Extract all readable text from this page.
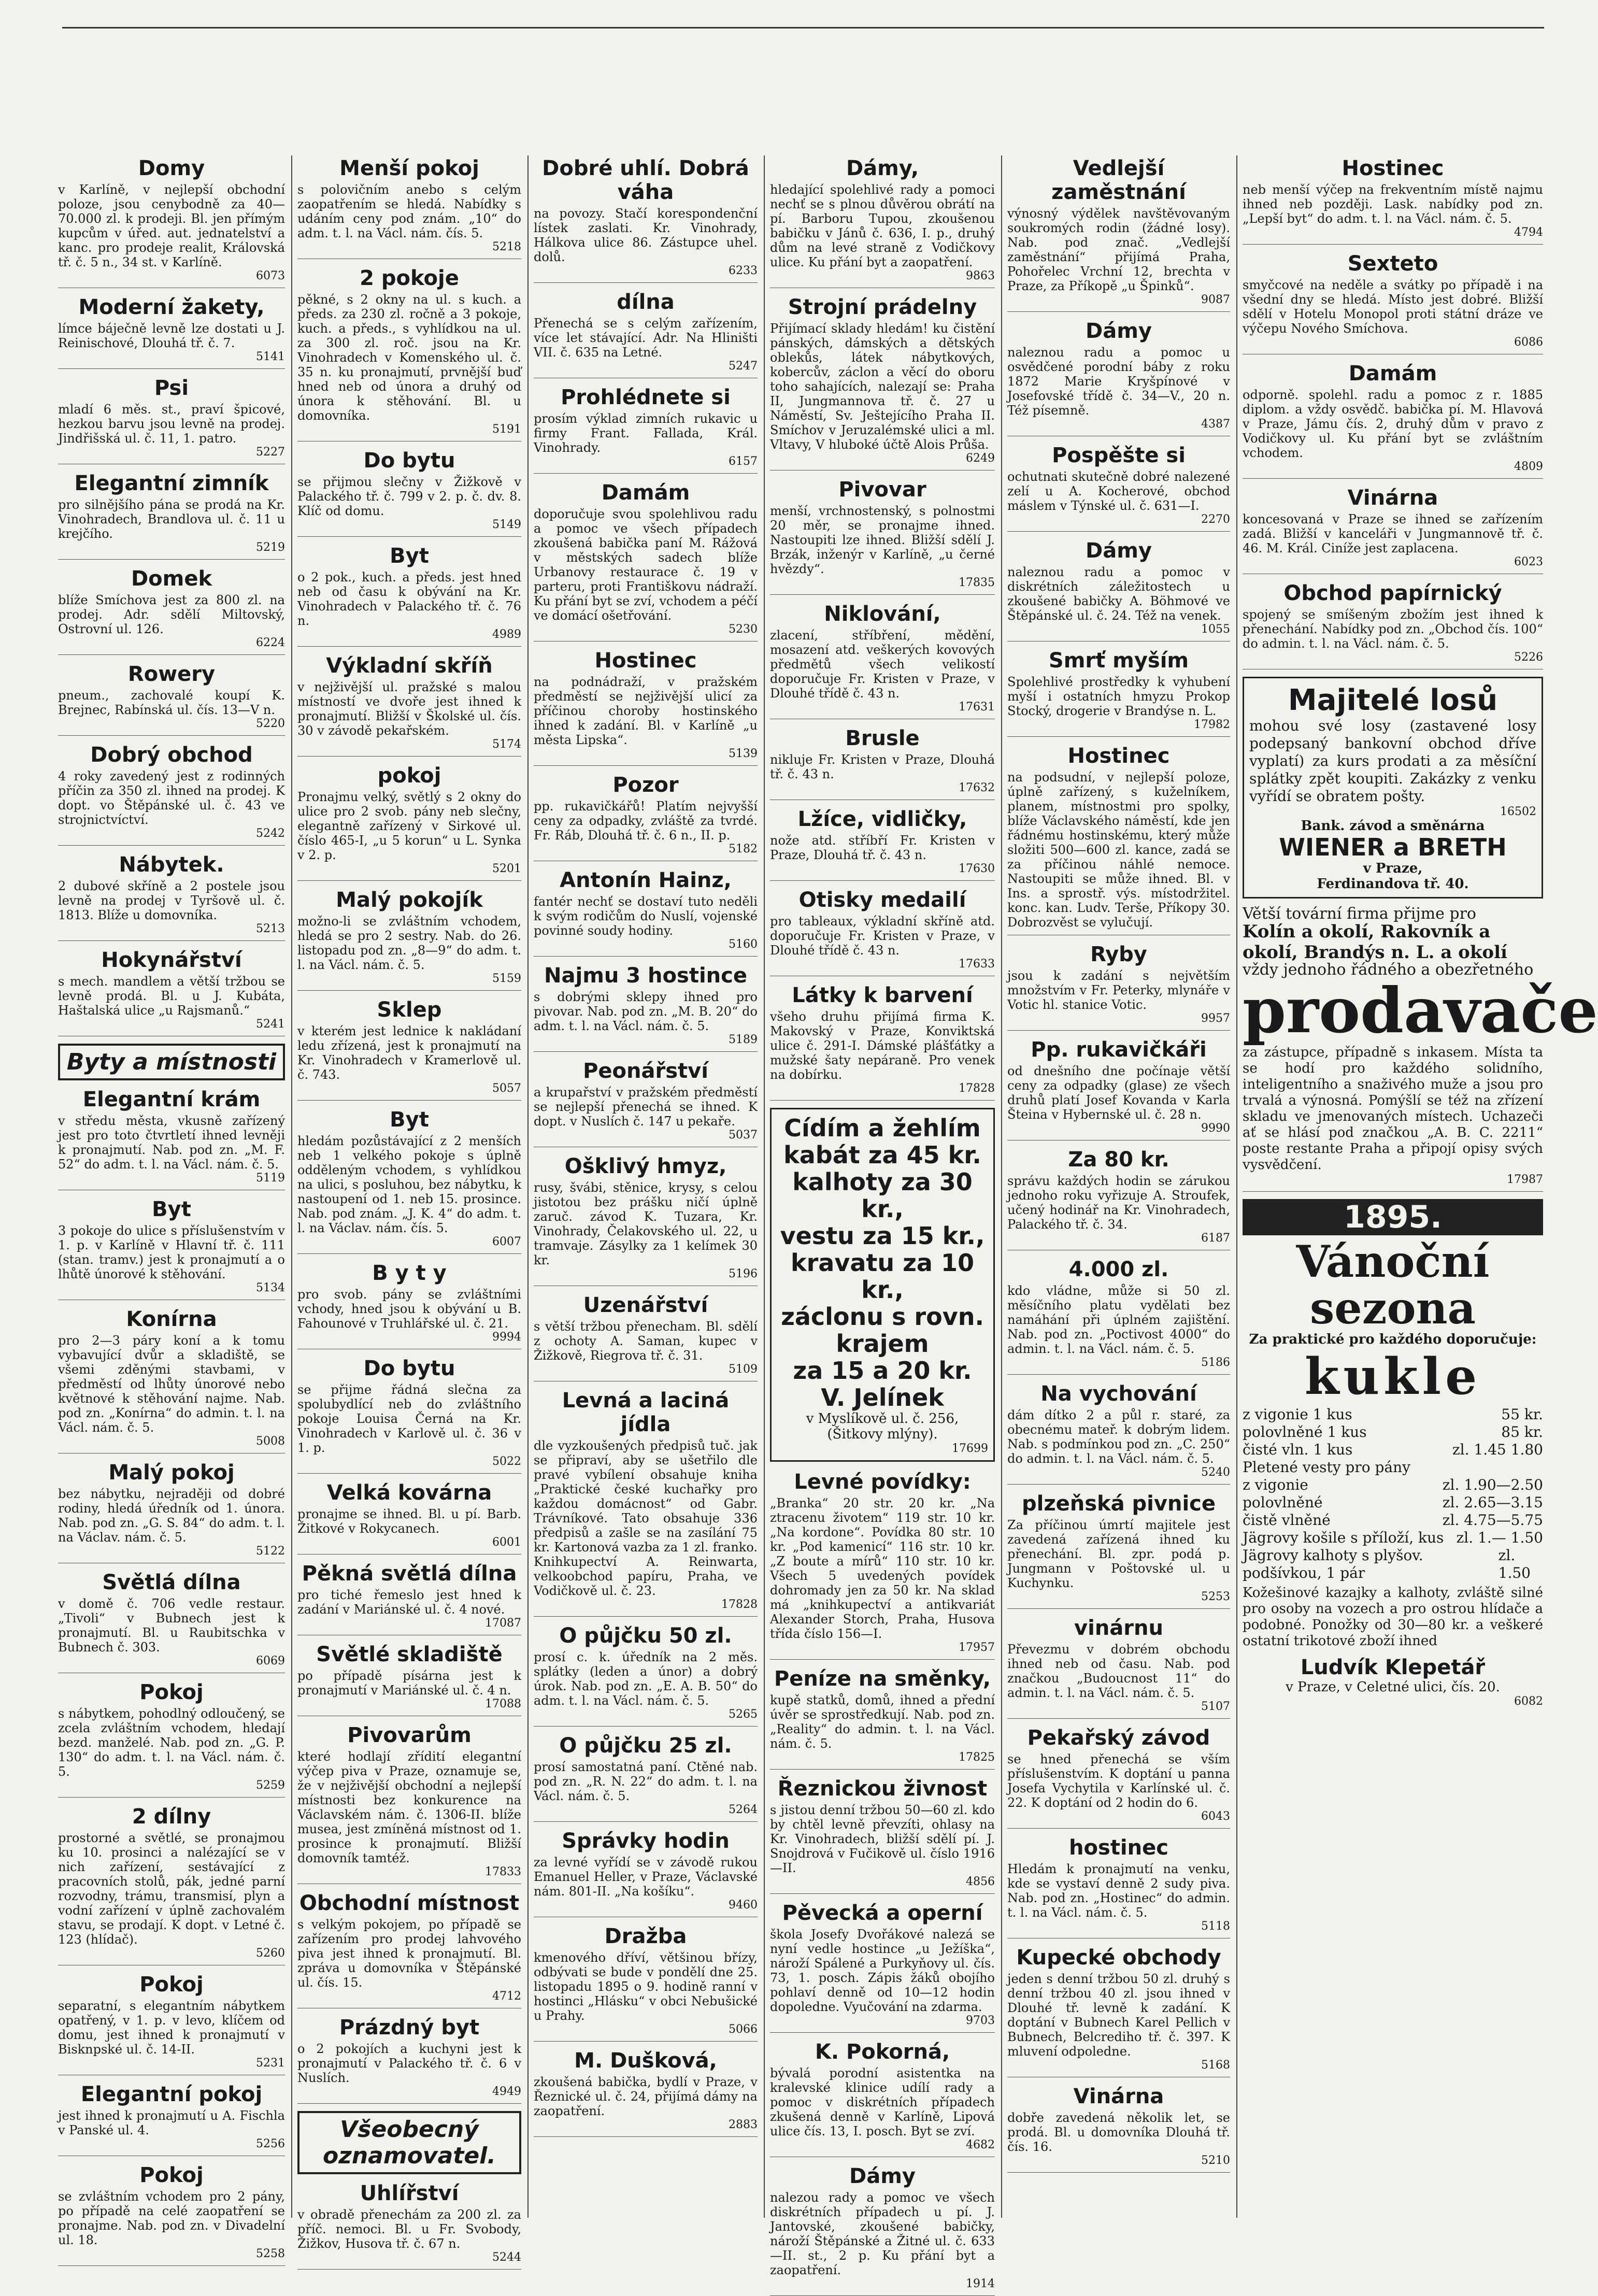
Domy
v Karlíně, v nejlepší obchodní poloze, jsou cenybodně za 40—70.000 zl. k prodeji. Bl. jen přímým kupcům v úřed. aut. jednatelství a kanc. pro prodeje realit, Královská tř. č. 5 n., 34 st. v Karlíně.
6073
Moderní žakety,
límce báječně levně lze dostati u J. Reinischové, Dlouhá tř. č. 7.
5141
Psi
mladí 6 měs. st., praví špicové, hezkou barvu jsou levně na prodej. Jindřišská ul. č. 11, 1. patro.
5227
Elegantní zimník
pro silnějšího pána se prodá na Kr. Vinohradech, Brandlova ul. č. 11 u krejčího.
5219
Domek
blíže Smíchova jest za 800 zl. na prodej. Adr. sdělí Miltovský, Ostrovní ul. 126.
6224
Rowery
pneum., zachovalé koupí K. Brejnec, Rabínská ul. čís. 13—V n.
5220
Dobrý obchod
4 roky zavedený jest z rodinných příčin za 350 zl. ihned na prodej. K dopt. vo Štěpánské ul. č. 43 ve strojnictvíctví.
5242
Nábytek.
2 dubové skříně a 2 postele jsou levně na prodej v Tyršově ul. č. 1813. Blíže u domovníka.
5213
Hokynářství
s mech. mandlem a větší tržbou se levně prodá. Bl. u J. Kubáta, Haštalská ulice „u Rajsmanů.“
5241
Byty a místnosti
Elegantní krám
v středu města, vkusně zařízený jest pro toto čtvrtletí ihned levněji k pronajmutí. Nab. pod zn. „M. F. 52“ do adm. t. l. na Václ. nám. č. 5.
5119
Byt
3 pokoje do ulice s příslušenstvím v 1. p. v Karlíně v Hlavní tř. č. 111 (stan. tramv.) jest k pronajmutí a o lhůtě únorové k stěhování.
5134
Konírna
pro 2—3 páry koní a k tomu vybavující dvůr a skladiště, se všemi zděnými stavbami, v předměstí od lhůty únorové nebo květnové k stěhování najme. Nab. pod zn. „Konírna“ do admin. t. l. na Václ. nám. č. 5.
5008
Malý pokoj
bez nábytku, nejraději od dobré rodiny, hledá úředník od 1. února. Nab. pod zn. „G. S. 84“ do adm. t. l. na Václav. nám. č. 5.
5122
Světlá dílna
v domě č. 706 vedle restaur. „Tivoli“ v Bubnech jest k pronajmutí. Bl. u Raubitschka v Bubnech č. 303.
6069
Pokoj
s nábytkem, pohodlný odloučený, se zcela zvláštním vchodem, hledají bezd. manželé. Nab. pod zn. „G. P. 130“ do adm. t. l. na Václ. nám. č. 5.
5259
2 dílny
prostorné a světlé, se pronajmou ku 10. prosinci a nalézající se v nich zařízení, sestávající z pracovních stolů, pák, jedné parní rozvodny, trámu, transmisí, plyn a vodní zařízení v úplně zachovalém stavu, se prodají. K dopt. v Letné č. 123 (hlídač).
5260
Pokoj
separatní, s elegantním nábytkem opatřený, v 1. p. v levo, klíčem od domu, jest ihned k pronajmutí v Bisknpské ul. č. 14-II.
5231
Elegantní pokoj
jest ihned k pronajmutí u A. Fischla v Panské ul. 4.
5256
Pokoj
se zvláštním vchodem pro 2 pány, po případě na celé zaopatření se pronajme. Nab. pod zn. v Divadelní ul. 18.
5258
Menší pokoj
s polovičním anebo s celým zaopatřením se hledá. Nabídky s udáním ceny pod znám. „10“ do adm. t. l. na Václ. nám. čís. 5.
5218
2 pokoje
pěkné, s 2 okny na ul. s kuch. a předs. za 230 zl. ročně a 3 pokoje, kuch. a předs., s vyhlídkou na ul. za 300 zl. roč. jsou na Kr. Vinohradech v Komenského ul. č. 35 n. ku pronajmutí, prvnější buď hned neb od února a druhý od února k stěhování. Bl. u domovníka.
5191
Do bytu
se přijmou slečny v Žižkově v Palackého tř. č. 799 v 2. p. č. dv. 8. Klíč od domu.
5149
Byt
o 2 pok., kuch. a předs. jest hned neb od času k obývání na Kr. Vinohradech v Palackého tř. č. 76 n.
4989
Výkladní skříň
v nejživější ul. pražské s malou místností ve dvoře jest ihned k pronajmutí. Bližší v Školské ul. čís. 30 v závodě pekařském.
5174
pokoj
Pronajmu velký, světlý s 2 okny do ulice pro 2 svob. pány neb slečny, elegantně zařízený v Sirkové ul. číslo 465-I, „u 5 korun“ u L. Synka v 2. p.
5201
Malý pokojík
možno-li se zvláštním vchodem, hledá se pro 2 sestry. Nab. do 26. listopadu pod zn. „8—9“ do adm. t. l. na Václ. nám. č. 5.
5159
Sklep
v kterém jest lednice k nakládaní ledu zřízená, jest k pronajmutí na Kr. Vinohradech v Kramerlově ul. č. 743.
5057
Byt
hledám pozůstávající z 2 menších neb 1 velkého pokoje s úplně odděleným vchodem, s vyhlídkou na ulici, s posluhou, bez nábytku, k nastoupení od 1. neb 15. prosince. Nab. pod znám. „J. K. 4“ do adm. t. l. na Václav. nám. čís. 5.
6007
B y t y
pro svob. pány se zvláštními vchody, hned jsou k obývání u B. Fahounové v Truhlářské ul. č. 21.
9994
Do bytu
se přijme řádná slečna za spolubydlící neb do zvláštního pokoje Louisa Černá na Kr. Vinohradech v Karlově ul. č. 36 v 1. p.
5022
Velká kovárna
pronajme se ihned. Bl. u pí. Barb. Žitkové v Rokycanech.
6001
Pěkná světlá dílna
pro tiché řemeslo jest hned k zadání v Mariánské ul. č. 4 nové.
17087
Světlé skladiště
po případě písárna jest k pronajmutí v Mariánské ul. č. 4 n.
17088
Pivovarům
které hodlají zřídití elegantní výčep piva v Praze, oznamuje se, že v nejživější obchodní a nejlepší místnosti bez konkurence na Václavském nám. č. 1306-II. blíže musea, jest zmíněná místnost od 1. prosince k pronajmutí. Bližší domovník tamtéž.
17833
Obchodní místnost
s velkým pokojem, po případě se zařízením pro prodej lahvového piva jest ihned k pronajmutí. Bl. zpráva u domovníka v Štěpánské ul. čís. 15.
4712
Prázdný byt
o 2 pokojích a kuchyni jest k pronajmutí v Palackého tř. č. 6 v Nuslích.
4949
Všeobecný oznamovatel.
Uhlířství
v obradě přenechám za 200 zl. za příč. nemoci. Bl. u Fr. Svobody, Žižkov, Husova tř. č. 67 n.
5244
Dobré uhlí. Dobrá váha
na povozy. Stačí korespondenční lístek zaslati. Kr. Vinohrady, Hálkova ulice 86. Zástupce uhel. dolů.
6233
dílna
Přenechá se s celým zařízením, více let stávající. Adr. Na Hliništi VII. č. 635 na Letné.
5247
Prohlédnete si
prosím výklad zimních rukavic u firmy Frant. Fallada, Král. Vinohrady.
6157
Damám
doporučuje svou spolehlivou radu a pomoc ve všech případech zkoušená babička paní M. Rážová v městských sadech blíže Urbanovy restaurace č. 19 v parteru, proti Františkovu nádraží. Ku přání byt se zví, vchodem a péčí ve domácí ošetřování.
5230
Hostinec
na podnádraží, v pražském předměstí se nejživější ulicí za příčinou choroby hostinského ihned k zadání. Bl. v Karlíně „u města Lipska“.
5139
Pozor
pp. rukavičkářů! Platím nejvyšší ceny za odpadky, zvláště za tvrdé. Fr. Ráb, Dlouhá tř. č. 6 n., II. p.
5182
Antonín Hainz,
fantér nechť se dostaví tuto neděli k svým rodičům do Nuslí, vojenské povinné soudy hodiny.
5160
Najmu 3 hostince
s dobrými sklepy ihned pro pivovar. Nab. pod zn. „M. B. 20“ do adm. t. l. na Václ. nám. č. 5.
5189
Peonářství
a krupařství v pražském předměstí se nejlepší přenechá se ihned. K dopt. v Nuslích č. 147 u pekaře.
5037
Ošklivý hmyz,
rusy, švábi, stěnice, krysy, s celou jistotou bez prášku ničí úplně zaruč. závod K. Tuzara, Kr. Vinohrady, Čelakovského ul. 22, u tramvaje. Zásylky za 1 kelímek 30 kr.
5196
Uzenářství
s větší tržbou přenecham. Bl. sdělí z ochoty A. Saman, kupec v Žižkově, Riegrova tř. č. 31.
5109
Levná a laciná jídla
dle vyzkoušených předpisů tuč. jak se připraví, aby se ušetřilo dle pravé vybílení obsahuje kniha „Praktické české kuchařky pro každou domácnost“ od Gabr. Trávníkové. Tato obsahuje 336 předpisů a zašle se na zasílání 75 kr. Kartonová vazba za 1 zl. franko. Knihkupectví A. Reinwarta, velkoobchod papíru, Praha, ve Vodičkově ul. č. 23.
17828
O půjčku 50 zl.
prosí c. k. úředník na 2 měs. splátky (leden a únor) a dobrý úrok. Nab. pod zn. „E. A. B. 50“ do adm. t. l. na Václ. nám. č. 5.
5265
O půjčku 25 zl.
prosí samostatná paní. Ctěné nab. pod zn. „R. N. 22“ do adm. t. l. na Václ. nám. č. 5.
5264
Správky hodin
za levné vyřídí se v závodě rukou Emanuel Heller, v Praze, Václavské nám. 801-II. „Na košíku“.
9460
Dražba
kmenového dříví, většinou břízy, odbývati se bude v pondělí dne 25. listopadu 1895 o 9. hodině ranní v hostinci „Hlásku“ v obci Nebušické u Prahy.
5066
M. Dušková,
zkoušená babička, bydlí v Praze, v Řeznické ul. č. 24, přijímá dámy na zaopatření.
2883
Dámy,
hledající spolehlivé rady a pomoci nechť se s plnou důvěrou obrátí na pí. Barboru Tupou, zkoušenou babičku v Jánů č. 636, I. p., druhý dům na levé straně z Vodičkovy ulice. Ku přání byt a zaopatření.
9863
Strojní prádelny
Přijímací sklady hledám! ku čistění pánských, dámských a dětských oblekůs, látek nábytkových, kobercův, záclon a věcí do oboru toho sahajících, nalezají se: Praha II, Jungmannova tř. č. 27 u Náměstí, Sv. Ještejícího Praha II. Smíchov v Jeruzalémské ulici a ml. Vltavy, V hluboké účtě Alois Průša.
6249
Pivovar
menší, vrchnostenský, s polnostmi 20 měr, se pronajme ihned. Nastoupiti lze ihned. Bližší sdělí J. Brzák, inženýr v Karlíně, „u černé hvězdy“.
17835
Niklování,
zlacení, stříbření, mědění, mosazení atd. veškerých kovových předmětů všech velikostí doporučuje Fr. Kristen v Praze, v Dlouhé třídě č. 43 n.
17631
Brusle
nikluje Fr. Kristen v Praze, Dlouhá tř. č. 43 n.
17632
Lžíce, vidličky,
nože atd. stříbří Fr. Kristen v Praze, Dlouhá tř. č. 43 n.
17630
Otisky medailí
pro tableaux, výkladní skříně atd. doporučuje Fr. Kristen v Praze, v Dlouhé třídě č. 43 n.
17633
Látky k barvení
všeho druhu přijímá firma K. Makovský v Praze, Konviktská ulice č. 291-I. Dámské plášťátky a mužské šaty nepáraně. Pro venek na dobírku.
17828
Cídím a žehlím
kabát za 45 kr.
kalhoty za 30 kr.,
vestu za 15 kr.,
kravatu za 10 kr.,
záclonu s rovn. krajem
za 15 a 20 kr.
V. Jelínek
v Myslíkově ul. č. 256, (Šitkovy mlýny).
17699
Levné povídky:
„Branka“ 20 str. 20 kr. „Na ztracenu životem“ 119 str. 10 kr. „Na kordone“. Povídka 80 str. 10 kr. „Pod kamenicí“ 116 str. 10 kr. „Z boute a mírů“ 110 str. 10 kr. Všech 5 uvedených povídek dohromady jen za 50 kr. Na sklad má „knihkupectví a antikvariát Alexander Storch, Praha, Husova třída číslo 156—I.
17957
Peníze na směnky,
kupě statků, domů, ihned a přední úvěr se sprostředkují. Nab. pod zn. „Reality“ do admin. t. l. na Václ. nám. č. 5.
17825
Řeznickou živnost
s jistou denní tržbou 50—60 zl. kdo by chtěl levně převzíti, ohlasy na Kr. Vinohradech, bližší sdělí pí. J. Snojdrová v Fučikově ul. číslo 1916—II.
4856
Pěvecká a operní
škola Josefy Dvořákové nalezá se nyní vedle hostince „u Ježíška“, nároží Spálené a Purkyňovy ul. čís. 73, 1. posch. Zápis žáků obojího pohlaví denně od 10—12 hodin dopoledne. Vyučování na zdarma.
9703
K. Pokorná,
bývalá porodní asistentka na kralevské klinice udílí rady a pomoc v diskrétních případech zkušená denně v Karlíně, Lipová ulice čís. 13, I. posch. Byt se zví.
4682
Dámy
nalezou rady a pomoc ve všech diskrétních případech u pí. J. Jantovské, zkoušené babičky, nároží Štěpánské a Žitné ul. č. 633—II. st., 2 p. Ku přání byt a zaopatření.
1914
Vedlejší zaměstnání
výnosný výdělek navštěvovaným soukromých rodin (žádné losy). Nab. pod znač. „Vedlejší zaměstnání“ přijímá Praha, Pohořelec Vrchní 12, brechta v Praze, za Příkopě „u Špinků“.
9087
Dámy
naleznou radu a pomoc u osvědčené porodní báby z roku 1872 Marie Kryšpínové v Josefovské třídě č. 34—V., 20 n. Též písemně.
4387
Pospěšte si
ochutnati skutečně dobré nalezené zelí u A. Kocherové, obchod máslem v Týnské ul. č. 631—I.
2270
Dámy
naleznou radu a pomoc v diskrétních záležitostech u zkoušené babičky A. Böhmové ve Štěpánské ul. č. 24. Též na venek.
1055
Smrť myším
Spolehlivé prostředky k vyhubení myší i ostatních hmyzu Prokop Stocký, drogerie v Brandýse n. L.
17982
Hostinec
na podsudní, v nejlepší poloze, úplně zařízený, s kuželníkem, planem, místnostmi pro spolky, blíže Václavského náměstí, kde jen řádnému hostinskému, který může složiti 500—600 zl. kance, zadá se za příčinou náhlé nemoce. Nastoupiti se může ihned. Bl. v Ins. a sprostř. výs. místodržitel. konc. kan. Ludv. Terše, Příkopy 30. Dobrozvěst se vylučují.
Ryby
jsou k zadání s největším množstvím v Fr. Peterky, mlynáře v Votic hl. stanice Votic.
9957
Pp. rukavičkáři
od dnešního dne počínaje větší ceny za odpadky (glase) ze všech druhů platí Josef Kovanda v Karla Šteina v Hybernské ul. č. 28 n.
9990
Za 80 kr.
správu každých hodin se zárukou jednoho roku vyřizuje A. Stroufek, učený hodinář na Kr. Vinohradech, Palackého tř. č. 34.
6187
4.000 zl.
kdo vládne, může si 50 zl. měsíčního platu vydělati bez namáhání při úplném zajištění. Nab. pod zn. „Poctivost 4000“ do admin. t. l. na Václ. nám. č. 5.
5186
Na vychování
dám dítko 2 a půl r. staré, za obecnému mateř. k dobrým lidem. Nab. s podmínkou pod zn. „C. 250“ do admin. t. l. na Václ. nám. č. 5.
5240
plzeňská pivnice
Za příčinou úmrtí majitele jest zavedená zařízená ihned ku přenechání. Bl. zpr. podá p. Jungmann v Poštovské ul. u Kuchynku.
5253
vinárnu
Převezmu v dobrém obchodu ihned neb od času. Nab. pod značkou „Budoucnost 11“ do admin. t. l. na Václ. nám. č. 5.
5107
Pekařský závod
se hned přenechá se vším příslušenstvím. K doptání u panna Josefa Vychytila v Karlínské ul. č. 22. K doptání od 2 hodin do 6.
6043
hostinec
Hledám k pronajmutí na venku, kde se vystaví denně 2 sudy piva. Nab. pod zn. „Hostinec“ do admin. t. l. na Václ. nám. č. 5.
5118
Kupecké obchody
jeden s denní tržbou 50 zl. druhý s denní tržbou 40 zl. jsou ihned v Dlouhé tř. levně k zadání. K doptání v Bubnech Karel Pellich v Bubnech, Belcrediho tř. č. 397. K mluvení odpoledne.
5168
Vinárna
dobře zavedená několik let, se prodá. Bl. u domovníka Dlouhá tř. čís. 16.
5210
Hostinec
neb menší výčep na frekventním místě najmu ihned neb později. Lask. nabídky pod zn. „Lepší byt“ do adm. t. l. na Václ. nám. č. 5.
4794
Sexteto
smyčcové na neděle a svátky po případě i na všední dny se hledá. Místo jest dobré. Bližší sdělí v Hotelu Monopol proti státní dráze ve výčepu Nového Smíchova.
6086
Damám
odporně. spolehl. radu a pomoc z r. 1885 diplom. a vždy osvědč. babička pí. M. Hlavová v Praze, Jámu čís. 2, druhý dům v pravo z Vodičkovy ul. Ku přání byt se zvláštním vchodem.
4809
Vinárna
koncesovaná v Praze se ihned se zařízením zadá. Bližší v kanceláři v Jungmannově tř. č. 46. M. Král. Ciníže jest zaplacena.
6023
Obchod papírnický
spojený se smíšeným zbožím jest ihned k přenechání. Nabídky pod zn. „Obchod čís. 100“ do admin. t. l. na Václ. nám. č. 5.
5226
Majitelé losů
mohou své losy (zastavené losy podepsaný bankovní obchod dříve vyplatí) za kurs prodati a za měsíční splátky zpět koupiti. Zakázky z venku vyřídí se obratem pošty.
16502
Bank. závod a směnárna
WIENER a BRETH
v Praze,
Ferdinandova tř. 40.
Větší tovární firma přijme pro
Kolín a okolí, Rakovník a okolí, Brandýs n. L. a okolí
vždy jednoho řádného a obezřetného
prodavače
za zástupce, případně s inkasem. Místa ta se hodí pro každého solidního, inteligentního a snaživého muže a jsou pro trvalá a výnosná. Pomýšlí se též na zřízení skladu ve jmenovaných místech. Uchazeči ať se hlásí pod značkou „A. B. C. 2211“ poste restante Praha a připojí opisy svých vysvědčení.
17987
1895.
Vánoční sezona
Za praktické pro každého doporučuje:
kukle
z vigonie 1 kus	55 kr.
polovlněné 1 kus	85 kr.
čisté vln. 1 kus	zl. 1.45 1.80
Pletené vesty pro pány
z vigonie	zl. 1.90—2.50
polovlněné	zl. 2.65—3.15
čistě vlněné	zl. 4.75—5.75
Jägrovy košile s příloží, kus zl. 1.— 1.50
Jägrovy kalhoty s plyšov. podšívkou, 1 pár
zl. 1.50
Kožešinové kazajky a kalhoty, zvláště silné pro osoby na vozech a pro ostrou hlídače a podobné. Ponožky od 30—80 kr. a veškeré ostatní trikotové zboží ihned
Ludvík Klepetář
v Praze, v Celetné ulici, čís. 20.
6082
